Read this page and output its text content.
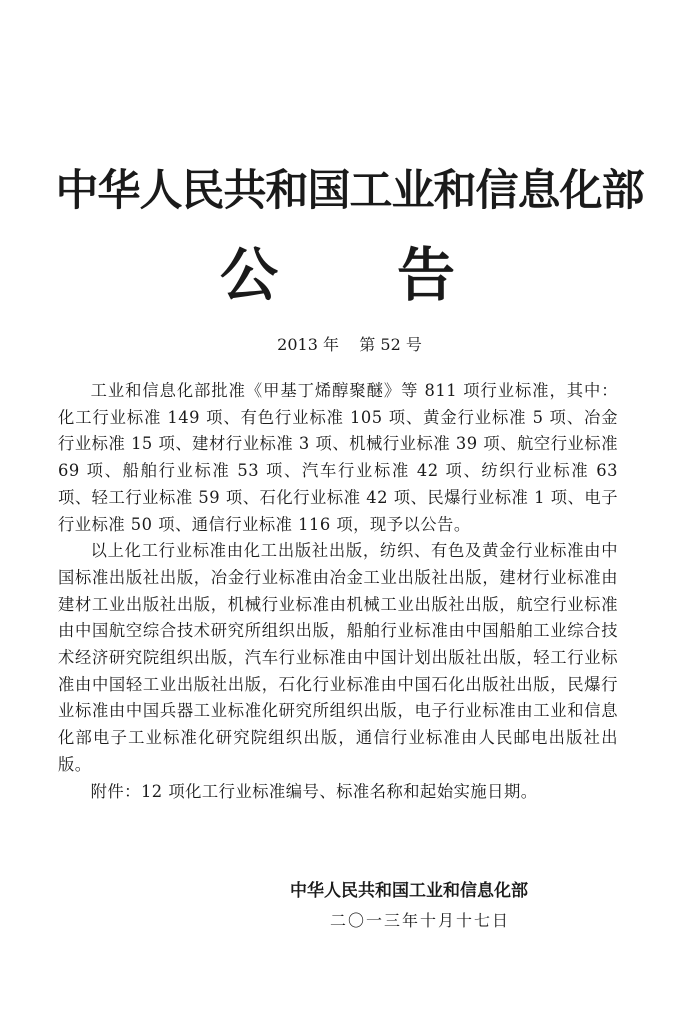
中华人民共和国工业和信息化部
公 告
2013 年    第 52 号

工业和信息化部批准《甲基丁烯醇聚醚》等 811 项行业标准，其中：化工行业标准 149 项、有色行业标准 105 项、黄金行业标准 5 项、冶金行业标准 15 项、建材行业标准 3 项、机械行业标准 39 项、航空行业标准 69 项、船舶行业标准 53 项、汽车行业标准 42 项、纺织行业标准 63 项、轻工行业标准 59 项、石化行业标准 42 项、民爆行业标准 1 项、电子行业标准 50 项、通信行业标准 116 项，现予以公告。

以上化工行业标准由化工出版社出版，纺织、有色及黄金行业标准由中国标准出版社出版，冶金行业标准由冶金工业出版社出版，建材行业标准由建材工业出版社出版，机械行业标准由机械工业出版社出版，航空行业标准由中国航空综合技术研究所组织出版，船舶行业标准由中国船舶工业综合技术经济研究院组织出版，汽车行业标准由中国计划出版社出版，轻工行业标准由中国轻工业出版社出版，石化行业标准由中国石化出版社出版，民爆行业标准由中国兵器工业标准化研究所组织出版，电子行业标准由工业和信息化部电子工业标准化研究院组织出版，通信行业标准由人民邮电出版社出版。

附件：12 项化工行业标准编号、标准名称和起始实施日期。

中华人民共和国工业和信息化部
二〇一三年十月十七日
